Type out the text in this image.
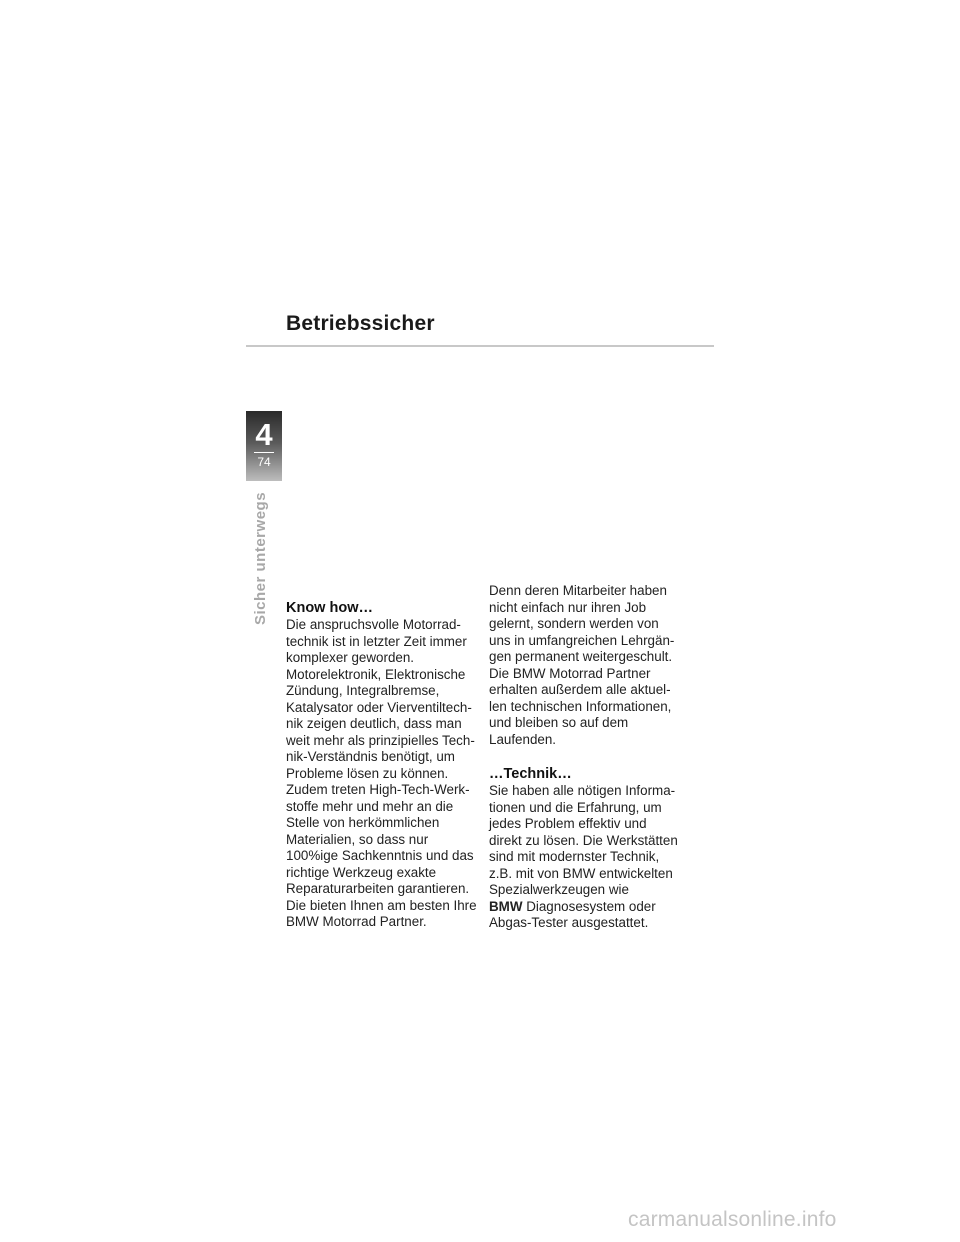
Betriebssicher
4
74
Sicher unterwegs Know how…

Die anspruchsvolle Motorrad-
technik ist in letzter Zeit immer
komplexer geworden.
Motorelektronik, Elektronische
Zündung, Integralbremse,
Katalysator oder Vierventiltech-
nik zeigen deutlich, dass man
weit mehr als prinzipielles Tech-
nik-Verständnis benötigt, um
Probleme lösen zu können.
Zudem treten High-Tech-Werk-
stoffe mehr und mehr an die
Stelle von herkömmlichen
Materialien, so dass nur
100%ige Sachkenntnis und das
richtige Werkzeug exakte
Reparaturarbeiten garantieren.
Die bieten Ihnen am besten Ihre
BMW Motorrad Partner.

Denn deren Mitarbeiter haben
nicht einfach nur ihren Job
gelernt, sondern werden von
uns in umfangreichen Lehrgän-
gen permanent weitergeschult.
Die BMW Motorrad Partner
erhalten außerdem alle aktuel-
len technischen Informationen,
und bleiben so auf dem
Laufenden.

…Technik…

Sie haben alle nötigen Informa-
tionen und die Erfahrung, um
jedes Problem effektiv und
direkt zu lösen. Die Werkstätten
sind mit modernster Technik,
z.B. mit von BMW entwickelten
Spezialwerkzeugen wie
BMW Diagnosesystem oder
Abgas-Tester ausgestattet.

carmanualsonline.info
